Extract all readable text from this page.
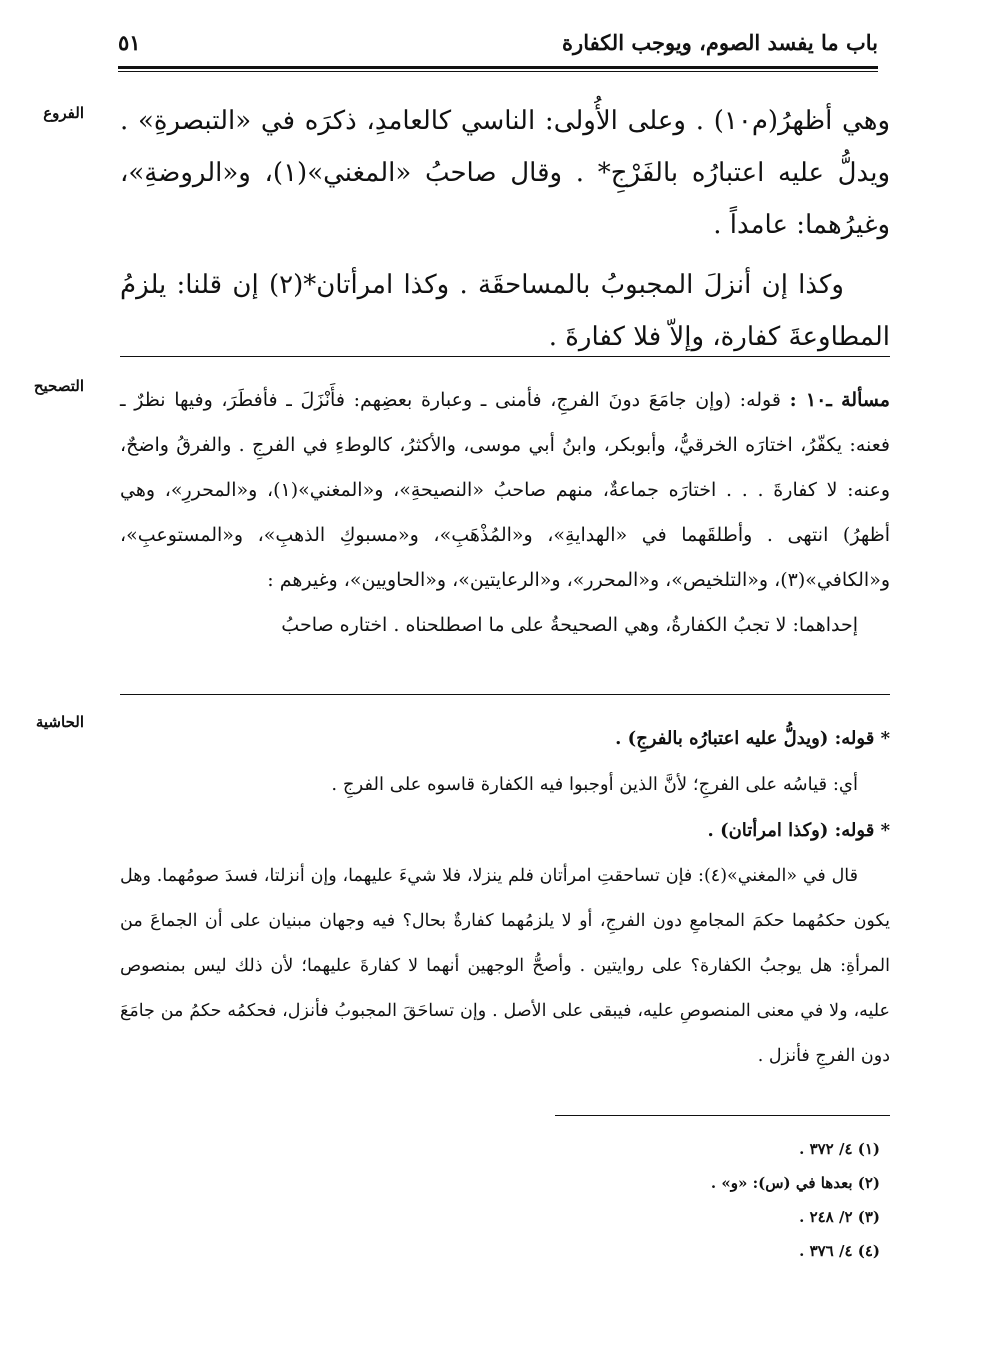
باب ما يفسد الصوم، ويوجب الكفارة
٥١
الفروع
التصحيح
الحاشية

وهي أظهرُ(م١٠) . وعلى الأُولى: الناسي كالعامدِ، ذكرَه في «التبصرةِ» . ويدلُّ عليه اعتبارُه بالفَرْجِ* . وقال صاحبُ «المغني»(١)، و«الروضةِ»، وغيرُهما: عامداً .

وكذا إن أنزلَ المجبوبُ بالمساحقَة . وكذا امرأتان*(٢) إن قلنا: يلزمُ المطاوعةَ كفارة، وإلاّ فلا كفارةَ .

مسألة ـ١٠ : قوله: (وإن جامَعَ دونَ الفرجِ، فأمنى ـ وعبارة بعضِهم: فأَنْزَلَ ـ فأفطَرَ، وفيها نظرٌ ـ فعنه: يكفّرُ، اختارَه الخرقيُّ، وأبوبكر، وابنُ أبي موسى، والأكثرُ، كالوطءِ في الفرجِ . والفرقُ واضحٌ، وعنه: لا كفارةَ . . . اختارَه جماعةٌ، منهم صاحبُ «النصيحةِ»، و«المغني»(١)، و«المحررِ»، وهي أظهرُ) انتهى . وأطلقَهما في «الهدايةِ»، و«المُذْهَبِ»، و«مسبوكِ الذهبِ»، و«المستوعبِ»، و«الكافي»(٣)، و«التلخيص»، و«المحرر»، و«الرعايتين»، و«الحاويين»، وغيرهم :

إحداهما: لا تجبُ الكفارةُ، وهي الصحيحةُ على ما اصطلحناه . اختاره صاحبُ

* قوله: (ويدلُّ عليه اعتبارُه بالفرجِ) .

أي: قياسُه على الفرجِ؛ لأنَّ الذين أوجبوا فيه الكفارة قاسوه على الفرجِ .

* قوله: (وكذا امرأتان) .

قال في «المغني»(٤): فإن تساحقتِ امرأتان فلم ينزلا، فلا شيءَ عليهما، وإن أنزلتا، فسدَ صومُهما. وهل يكون حكمُهما حكمَ المجامعِ دون الفرجِ، أو لا يلزمُهما كفارةٌ بحال؟ فيه وجهان مبنيان على أن الجماعَ من المرأةِ: هل يوجبُ الكفارة؟ على روايتين . وأصحُّ الوجهين أنهما لا كفارةَ عليهما؛ لأن ذلك ليس بمنصوص عليه، ولا في معنى المنصوصِ عليه، فيبقى على الأصل . وإن تساحَقَ المجبوبُ فأنزل، فحكمُه حكمُ من جامَعَ دون الفرجِ فأنزل .

(١) ٤/ ٣٧٢ .

(٢) بعدها في (س): «و» .

(٣) ٢/ ٢٤٨ .

(٤) ٤/ ٣٧٦ .
